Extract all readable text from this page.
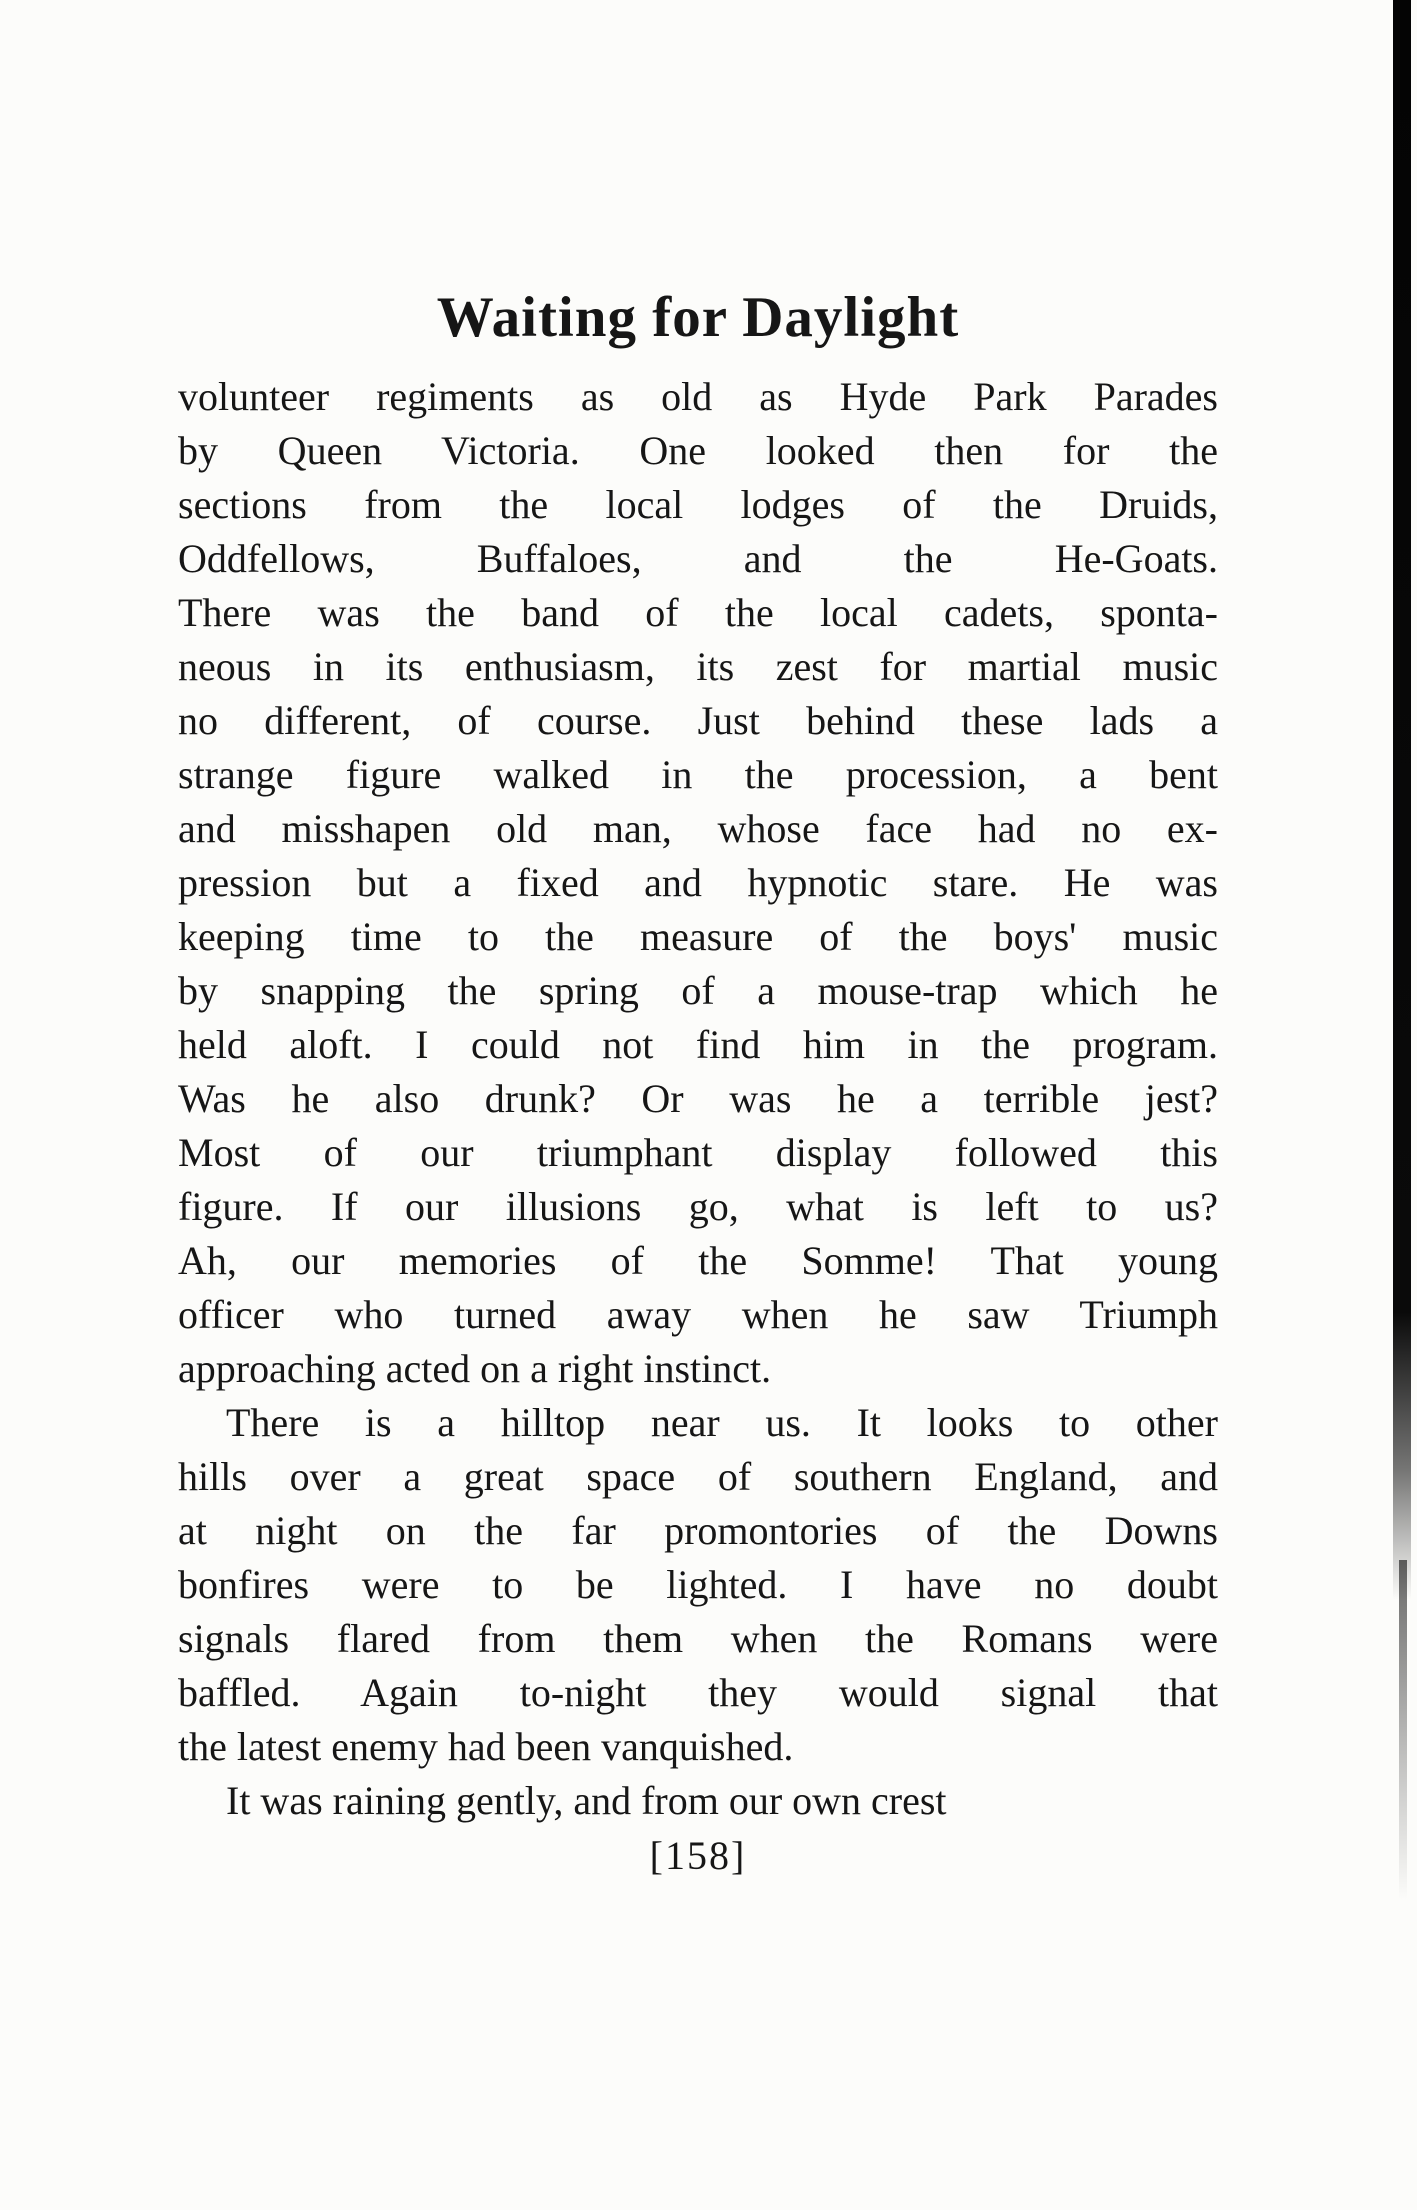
Waiting for Daylight
volunteer regiments as old as Hyde Park Parades
by Queen Victoria. One looked then for the
sections from the local lodges of the Druids,
Oddfellows, Buffaloes, and the He-Goats.
There was the band of the local cadets, sponta-
neous in its enthusiasm, its zest for martial music
no different, of course. Just behind these lads a
strange figure walked in the procession, a bent
and misshapen old man, whose face had no ex-
pression but a fixed and hypnotic stare. He was
keeping time to the measure of the boys' music
by snapping the spring of a mouse-trap which he
held aloft. I could not find him in the program.
Was he also drunk? Or was he a terrible jest?
Most of our triumphant display followed this
figure. If our illusions go, what is left to us?
Ah, our memories of the Somme! That young
officer who turned away when he saw Triumph
approaching acted on a right instinct.
There is a hilltop near us. It looks to other
hills over a great space of southern England, and
at night on the far promontories of the Downs
bonfires were to be lighted. I have no doubt
signals flared from them when the Romans were
baffled. Again to-night they would signal that
the latest enemy had been vanquished.
It was raining gently, and from our own crest
[158]
